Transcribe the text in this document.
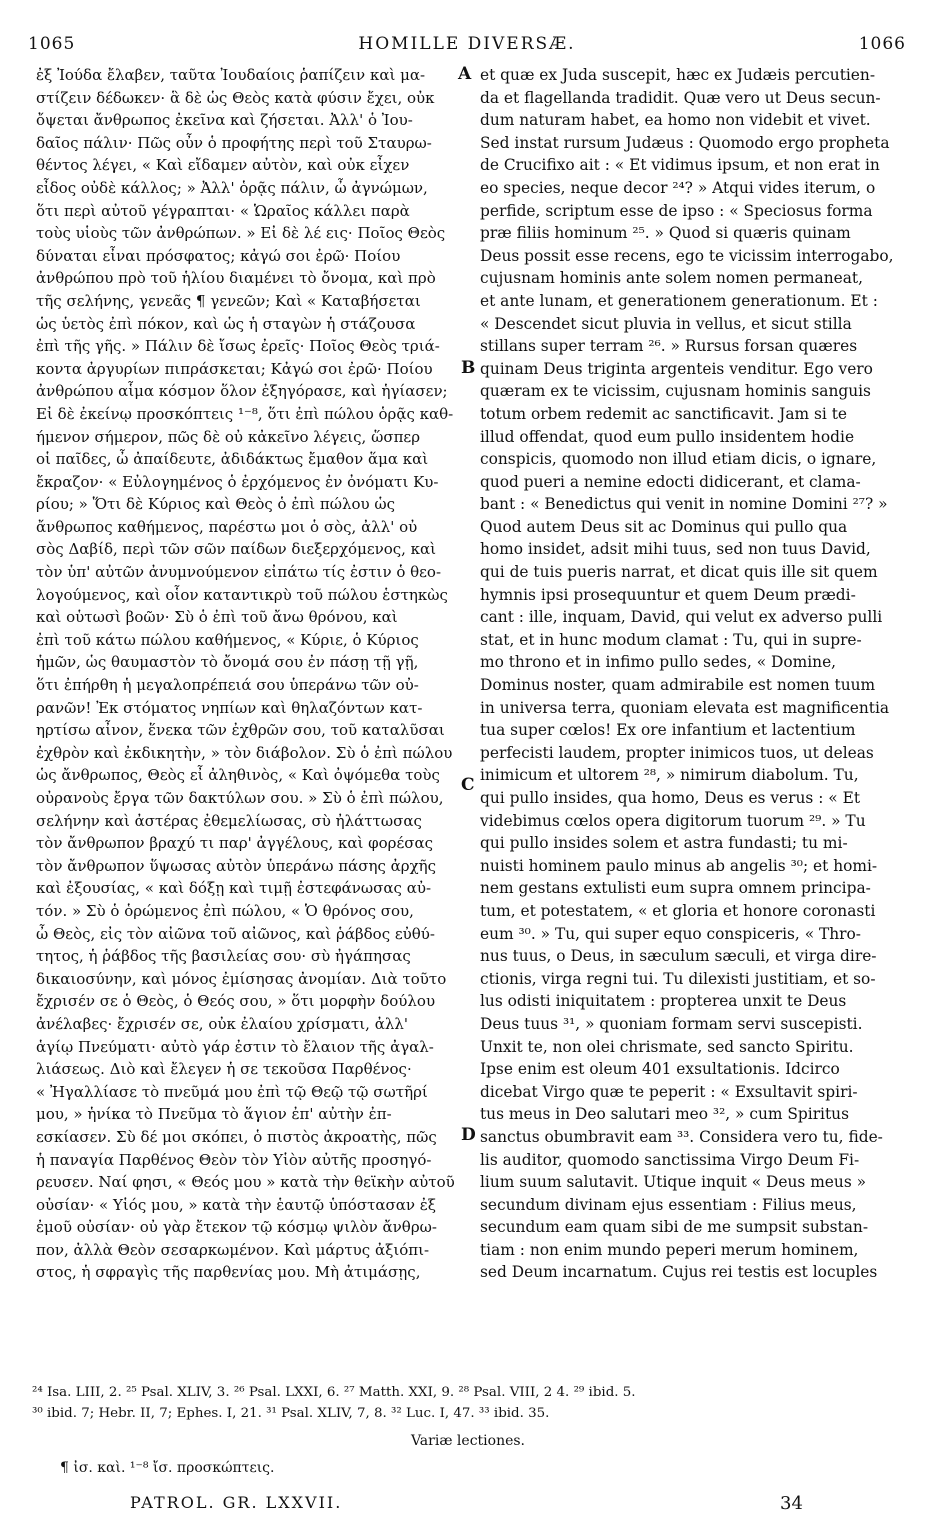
1065	HOMILLE DIVERSÆ.	1066
ἐξ Ἰούδα ἔλαβεν, ταῦτα Ἰουδαίοις ῥαπίζειν καὶ μα-
στίζειν δέδωκεν· ἃ δὲ ὡς Θεὸς κατὰ φύσιν ἔχει, οὐκ
ὄψεται ἄνθρωπος ἐκεῖνα καὶ ζήσεται. Ἀλλ' ὁ Ἰου-
δαῖος πάλιν· Πῶς οὖν ὁ προφήτης περὶ τοῦ Σταυρω-
θέντος λέγει, « Καὶ εἴδαμεν αὐτὸν, καὶ οὐκ εἶχεν
εἶδος οὐδὲ κάλλος; » Ἀλλ' ὁρᾷς πάλιν, ὦ ἀγνώμων,
ὅτι περὶ αὐτοῦ γέγραπται· « Ὡραῖος κάλλει παρὰ
τοὺς υἱοὺς τῶν ἀνθρώπων. » Εἰ δὲ λέ εις· Ποῖος Θεὸς
δύναται εἶναι πρόσφατος; κἀγώ σοι ἐρῶ· Ποίου
ἀνθρώπου πρὸ τοῦ ἡλίου διαμένει τὸ ὄνομα, καὶ πρὸ
τῆς σελήνης, γενεᾶς ¶ γενεῶν; Καὶ « Καταβήσεται
ὡς ὑετὸς ἐπὶ πόκον, καὶ ὡς ἡ σταγὼν ἡ στάζουσα
ἐπὶ τῆς γῆς. » Πάλιν δὲ ἴσως ἐρεῖς· Ποῖος Θεὸς τριά-
κοντα ἀργυρίων πιπράσκεται; Κἀγώ σοι ἐρῶ· Ποίου
ἀνθρώπου αἷμα κόσμον ὅλον ἐξηγόρασε, καὶ ἡγίασεν;
Εἰ δὲ ἐκείνῳ προσκόπτεις ¹⁻⁸, ὅτι ἐπὶ πώλου ὁρᾷς καθ-
ήμενον σήμερον, πῶς δὲ οὐ κἀκεῖνο λέγεις, ὥσπερ
οἱ παῖδες, ὦ ἀπαίδευτε, ἀδιδάκτως ἔμαθον ἅμα καὶ
ἔκραζον· « Εὐλογημένος ὁ ἐρχόμενος ἐν ὀνόματι Κυ-
ρίου; » Ὅτι δὲ Κύριος καὶ Θεὸς ὁ ἐπὶ πώλου ὡς
ἄνθρωπος καθήμενος, παρέστω μοι ὁ σὸς, ἀλλ' οὐ
σὸς Δαβίδ, περὶ τῶν σῶν παίδων διεξερχόμενος, καὶ
τὸν ὑπ' αὐτῶν ἀνυμνούμενον εἰπάτω τίς ἐστιν ὁ θεο-
λογούμενος, καὶ οἷον καταντικρὺ τοῦ πώλου ἑστηκὼς
καὶ οὑτωσὶ βοῶν· Σὺ ὁ ἐπὶ τοῦ ἄνω θρόνου, καὶ
ἐπὶ τοῦ κάτω πώλου καθήμενος, « Κύριε, ὁ Κύριος
ἡμῶν, ὡς θαυμαστὸν τὸ ὄνομά σου ἐν πάσῃ τῇ γῇ,
ὅτι ἐπήρθη ἡ μεγαλοπρέπειά σου ὑπεράνω τῶν οὐ-
ρανῶν! Ἐκ στόματος νηπίων καὶ θηλαζόντων κατ-
ηρτίσω αἶνον, ἕνεκα τῶν ἐχθρῶν σου, τοῦ καταλῦσαι
ἐχθρὸν καὶ ἐκδικητὴν, » τὸν διάβολον. Σὺ ὁ ἐπὶ πώλου
ὡς ἄνθρωπος, Θεὸς εἶ ἀληθινὸς, « Καὶ ὀψόμεθα τοὺς
οὐρανοὺς ἔργα τῶν δακτύλων σου. » Σὺ ὁ ἐπὶ πώλου,
σελήνην καὶ ἀστέρας ἐθεμελίωσας, σὺ ἠλάττωσας
τὸν ἄνθρωπον βραχύ τι παρ' ἀγγέλους, καὶ φορέσας
τὸν ἄνθρωπον ὕψωσας αὐτὸν ὑπεράνω πάσης ἀρχῆς
καὶ ἐξουσίας, « καὶ δόξῃ καὶ τιμῇ ἐστεφάνωσας αὐ-
τόν. » Σὺ ὁ ὁρώμενος ἐπὶ πώλου, « Ὁ θρόνος σου,
ὦ Θεὸς, εἰς τὸν αἰῶνα τοῦ αἰῶνος, καὶ ῥάβδος εὐθύ-
τητος, ἡ ῥάβδος τῆς βασιλείας σου· σὺ ἠγάπησας
δικαιοσύνην, καὶ μόνος ἐμίσησας ἀνομίαν. Διὰ τοῦτο
ἔχρισέν σε ὁ Θεὸς, ὁ Θεός σου, » ὅτι μορφὴν δούλου
ἀνέλαβες· ἔχρισέν σε, οὐκ ἐλαίου χρίσματι, ἀλλ'
ἁγίῳ Πνεύματι· αὐτὸ γάρ ἐστιν τὸ ἔλαιον τῆς ἀγαλ-
λιάσεως. Διὸ καὶ ἔλεγεν ἡ σε τεκοῦσα Παρθένος·
« Ἠγαλλίασε τὸ πνεῦμά μου ἐπὶ τῷ Θεῷ τῷ σωτῆρί
μου, » ἡνίκα τὸ Πνεῦμα τὸ ἅγιον ἐπ' αὐτὴν ἐπ-
εσκίασεν. Σὺ δέ μοι σκόπει, ὁ πιστὸς ἀκροατὴς, πῶς
ἡ παναγία Παρθένος Θεὸν τὸν Υἱὸν αὐτῆς προσηγό-
ρευσεν. Ναί φησι, « Θεός μου » κατὰ τὴν θεϊκὴν αὐτοῦ
οὐσίαν· « Υἱός μου, » κατὰ τὴν ἑαυτῷ ὑπόστασαν ἐξ
ἐμοῦ οὐσίαν· οὐ γὰρ ἔτεκον τῷ κόσμῳ ψιλὸν ἄνθρω-
πον, ἀλλὰ Θεὸν σεσαρκωμένον. Καὶ μάρτυς ἀξιόπι-
στος, ἡ σφραγὶς τῆς παρθενίας μου. Μὴ ἀτιμάσῃς,
et quæ ex Juda suscepit, hæc ex Judæis percutien-
da et flagellanda tradidit. Quæ vero ut Deus secun-
dum naturam habet, ea homo non videbit et vivet.
Sed instat rursum Judæus : Quomodo ergo propheta
de Crucifixo ait : « Et vidimus ipsum, et non erat in
eo species, neque decor ²⁴? » Atqui vides iterum, o
perfide, scriptum esse de ipso : « Speciosus forma
præ filiis hominum ²⁵. » Quod si quæris quinam
Deus possit esse recens, ego te vicissim interrogabo,
cujusnam hominis ante solem nomen permaneat,
et ante lunam, et generationem generationum. Et :
« Descendet sicut pluvia in vellus, et sicut stilla
stillans super terram ²⁶. » Rursus forsan quæres
quinam Deus triginta argenteis venditur. Ego vero
quæram ex te vicissim, cujusnam hominis sanguis
totum orbem redemit ac sanctificavit. Jam si te
illud offendat, quod eum pullo insidentem hodie
conspicis, quomodo non illud etiam dicis, o ignare,
quod pueri a nemine edocti didicerant, et clama-
bant : « Benedictus qui venit in nomine Domini ²⁷? »
Quod autem Deus sit ac Dominus qui pullo qua
homo insidet, adsit mihi tuus, sed non tuus David,
qui de tuis pueris narrat, et dicat quis ille sit quem
hymnis ipsi prosequuntur et quem Deum prædi-
cant : ille, inquam, David, qui velut ex adverso pulli
stat, et in hunc modum clamat : Tu, qui in supre-
mo throno et in infimo pullo sedes, « Domine,
Dominus noster, quam admirabile est nomen tuum
in universa terra, quoniam elevata est magnificentia
tua super cœlos! Ex ore infantium et lactentium
perfecisti laudem, propter inimicos tuos, ut deleas
inimicum et ultorem ²⁸, » nimirum diabolum. Tu,
qui pullo insides, qua homo, Deus es verus : « Et
videbimus cœlos opera digitorum tuorum ²⁹. » Tu
qui pullo insides solem et astra fundasti; tu mi-
nuisti hominem paulo minus ab angelis ³⁰; et homi-
nem gestans extulisti eum supra omnem principa-
tum, et potestatem, « et gloria et honore coronasti
eum ³⁰. » Tu, qui super equo conspiceris, « Thro-
nus tuus, o Deus, in sæculum sæculi, et virga dire-
ctionis, virga regni tui. Tu dilexisti justitiam, et so-
lus odisti iniquitatem : propterea unxit te Deus
Deus tuus ³¹, » quoniam formam servi suscepisti.
Unxit te, non olei chrismate, sed sancto Spiritu.
Ipse enim est oleum 401 exsultationis. Idcirco
dicebat Virgo quæ te peperit : « Exsultavit spiri-
tus meus in Deo salutari meo ³², » cum Spiritus
sanctus obumbravit eam ³³. Considera vero tu, fide-
lis auditor, quomodo sanctissima Virgo Deum Fi-
lium suum salutavit. Utique inquit « Deus meus »
secundum divinam ejus essentiam : Filius meus,
secundum eam quam sibi de me sumpsit substan-
tiam : non enim mundo peperi merum hominem,
sed Deum incarnatum. Cujus rei testis est locuples
A
B
C
D
²⁴ Isa. LIII, 2. ²⁵ Psal. XLIV, 3. ²⁶ Psal. LXXI, 6. ²⁷ Matth. XXI, 9. ²⁸ Psal. VIII, 2 4. ²⁹ ibid. 5.
³⁰ ibid. 7; Hebr. II, 7; Ephes. I, 21. ³¹ Psal. XLIV, 7, 8. ³² Luc. I, 47. ³³ ibid. 35.
Variæ lectiones.
¶ ἰσ. καὶ. ¹⁻⁸ ἴσ. προσκώπτεις.
PATROL. GR. LXXVII.	34
